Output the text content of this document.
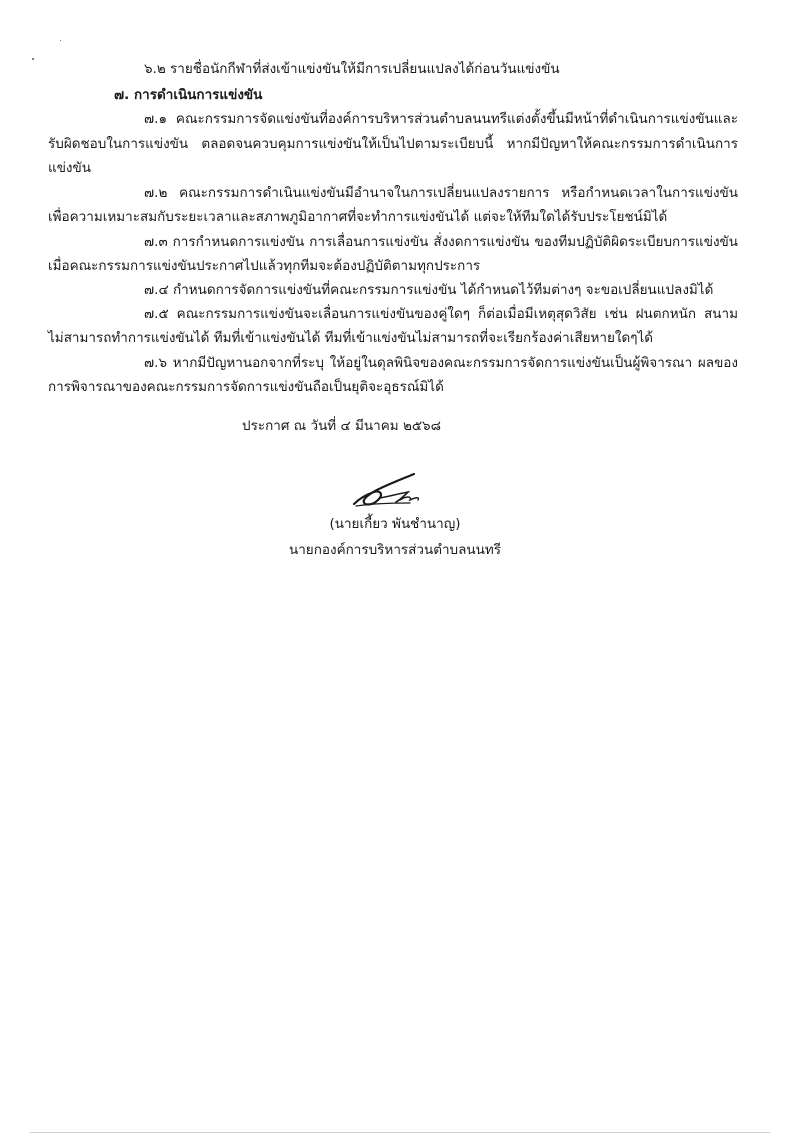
๖.๒ รายชื่อนักกีฬาที่ส่งเข้าแข่งขันให้มีการเปลี่ยนแปลงได้ก่อนวันแข่งขัน
๗. การดำเนินการแข่งขัน
๗.๑ คณะกรรมการจัดแข่งขันที่องค์การบริหารส่วนตำบลนนทรีแต่งตั้งขึ้นมีหน้าที่ดำเนินการแข่งขันและ
รับผิดชอบในการแข่งขัน ตลอดจนควบคุมการแข่งขันให้เป็นไปตามระเบียบนี้ หากมีปัญหาให้คณะกรรมการดำเนินการ
แข่งขัน
๗.๒ คณะกรรมการดำเนินแข่งขันมีอำนาจในการเปลี่ยนแปลงรายการ หรือกำหนดเวลาในการแข่งขัน
เพื่อความเหมาะสมกับระยะเวลาและสภาพภูมิอากาศที่จะทำการแข่งขันได้ แต่จะให้ทีมใดได้รับประโยชน์มิได้
๗.๓ การกำหนดการแข่งขัน การเลื่อนการแข่งขัน สั่งงดการแข่งขัน ของทีมปฏิบัติผิดระเบียบการแข่งขัน
เมื่อคณะกรรมการแข่งขันประกาศไปแล้วทุกทีมจะต้องปฏิบัติตามทุกประการ
๗.๔ กำหนดการจัดการแข่งขันที่คณะกรรมการแข่งขัน ได้กำหนดไว้ทีมต่างๆ จะขอเปลี่ยนแปลงมิได้
๗.๕ คณะกรรมการแข่งขันจะเลื่อนการแข่งขันของคู่ใดๆ ก็ต่อเมื่อมีเหตุสุดวิสัย เช่น ฝนตกหนัก สนาม
ไม่สามารถทำการแข่งขันได้ ทีมที่เข้าแข่งขันได้ ทีมที่เข้าแข่งขันไม่สามารถที่จะเรียกร้องค่าเสียหายใดๆได้
๗.๖ หากมีปัญหานอกจากที่ระบุ ให้อยู่ในดุลพินิจของคณะกรรมการจัดการแข่งขันเป็นผู้พิจารณา ผลของ
การพิจารณาของคณะกรรมการจัดการแข่งขันถือเป็นยุติจะอุธรณ์มิได้
ประกาศ ณ วันที่ ๔ มีนาคม ๒๕๖๘
(นายเกี้ยว พันชำนาญ)
นายกองค์การบริหารส่วนตำบลนนทรี
